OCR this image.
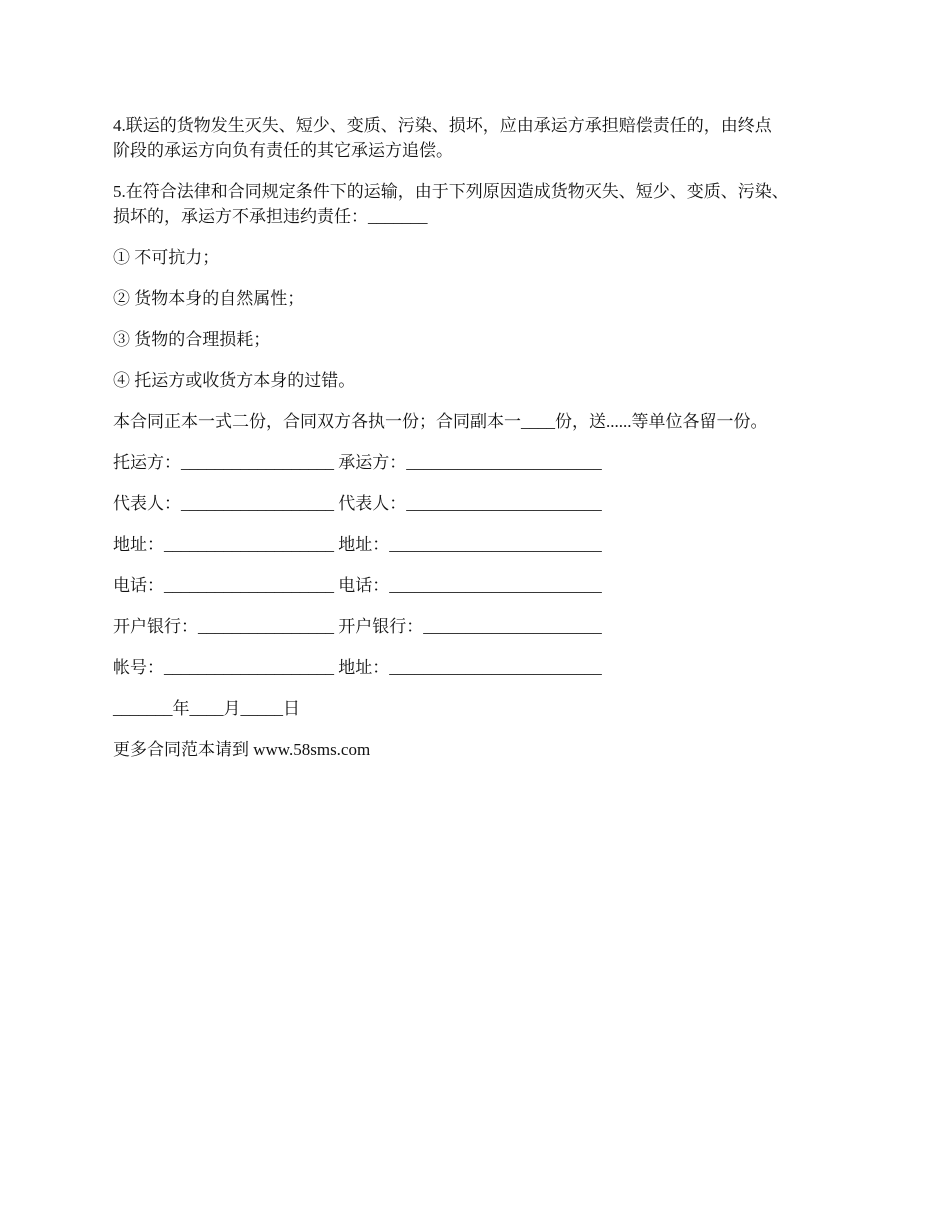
4.联运的货物发生灭失、短少、变质、污染、损坏，应由承运方承担赔偿责任的，由终点
阶段的承运方向负有责任的其它承运方追偿。

5.在符合法律和合同规定条件下的运输，由于下列原因造成货物灭失、短少、变质、污染、
损坏的，承运方不承担违约责任：_______

① 不可抗力；

② 货物本身的自然属性；

③ 货物的合理损耗；

④ 托运方或收货方本身的过错。

本合同正本一式二份，合同双方各执一份；合同副本一____份，送......等单位各留一份。

托运方：__________________ 承运方：_______________________

代表人：__________________ 代表人：_______________________

地址：____________________ 地址：_________________________

电话：____________________ 电话：_________________________

开户银行：________________ 开户银行：_____________________

帐号：____________________ 地址：_________________________

_______年____月_____日

更多合同范本请到 www.58sms.com
